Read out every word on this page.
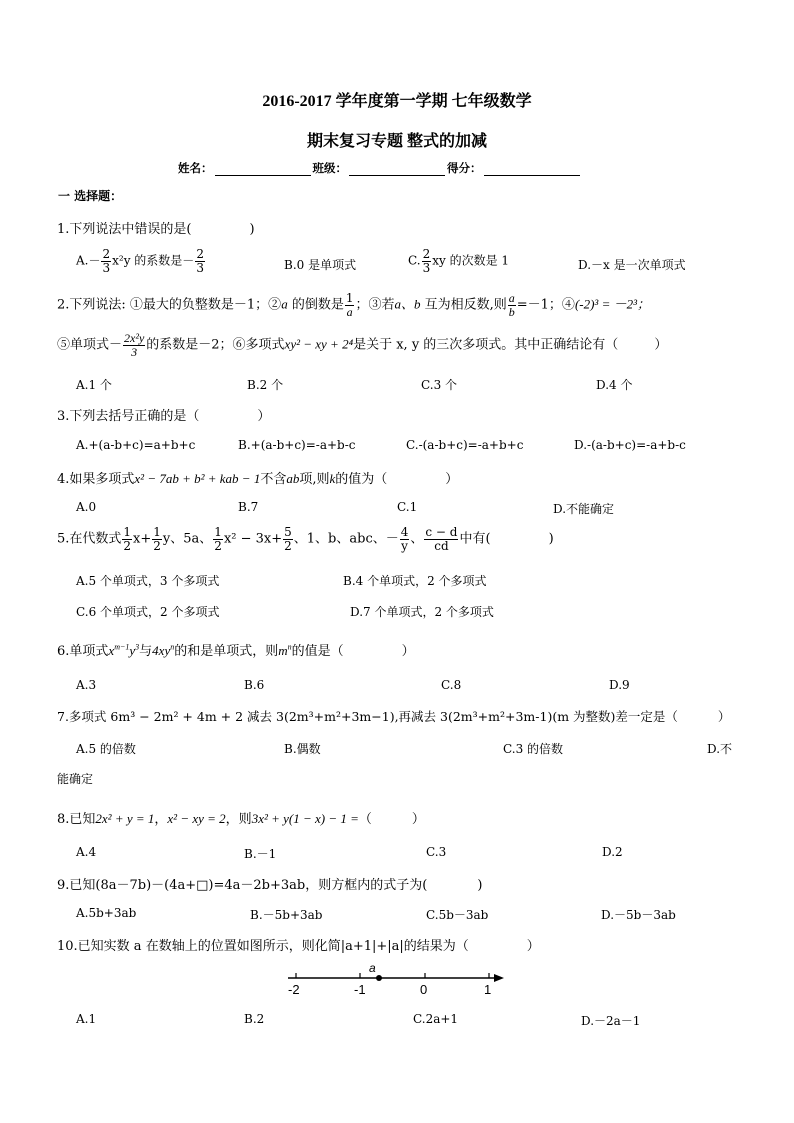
2016-2017 学年度第一学期 七年级数学
期末复习专题 整式的加减
姓名：	班级：	得分：
一 选择题：
1.下列说法中错误的是(	)
$A.- \frac{2}{3} x^2y$ 的系数是－ $\frac{2}{3}$	B.0 是单项式	C. $\frac{2}{3}$ xy 的次数是 1	D.－x 是一次单项式
2.下列说法: ①最大的负整数是－1；②a 的倒数是 $\frac{1}{a}$ ；③若a、b 互为相反数,则 $\frac{a}{b} =-1$；④(-2)³ = －2³；
⑤单项式－ $\frac{\text{2x²y}}{3}$ 的系数是－2；⑥多项式xy² − xy + 2⁴是关于 x, y 的三次多项式。其中正确结论有（	）
A.1 个	B.2 个	C.3 个	D.4 个
3.下列去括号正确的是（	）
A.+(a-b+c)=a+b+c	B.+(a-b+c)=-a+b-c	C.-(a-b+c)=-a+b+c	D.-(a-b+c)=-a+b-c
4.如果多项式x² − 7ab + b² + kab − 1不含ab项,则k的值为（	）
A.0	B.7	C.1	D.不能确定
5.在代数式 $\frac{1}{2} x+ \frac{1}{2}$ y、5a、 $\frac{1}{2} x^2 - 3x+ \frac{5}{2}$ 、1、b、abc、－ $\frac{4}{y}$ 、 $\frac{c - d}{cd}$ 中有(	)
A.5 个单项式，3 个多项式	B.4 个单项式，2 个多项式
C.6 个单项式，2 个多项式	D.7 个单项式，2 个多项式
6.单项式$x^{m-1}y^3$与$4xy^n$的和是单项式，则$m^n$的值是（	）
A.3	B.6	C.8	D.9
7.多项式 6m³ − 2m² + 4m + 2 减去 3(2m³+m²+3m−1),再减去 3(2m³+m²+3m-1)(m 为整数)差一定是（	）
A.5 的倍数	B.偶数	C.3 的倍数	D.不
能确定
8.已知2x² + y = 1，x² − xy = 2，则3x² + y(1 − x) − 1 =（	）
A.4	B.－1	C.3	D.2
9.已知(8a－7b)－(4a+□)=4a－2b+3ab，则方框内的式子为(	)
A.5b+3ab	B.－5b+3ab	C.5b－3ab	D.－5b－3ab
10.已知实数 a 在数轴上的位置如图所示，则化简|a+1|+|a|的结果为（	）
a
-2	-1	0	1
A.1	B.2	C.2a+1	D.－2a－1
